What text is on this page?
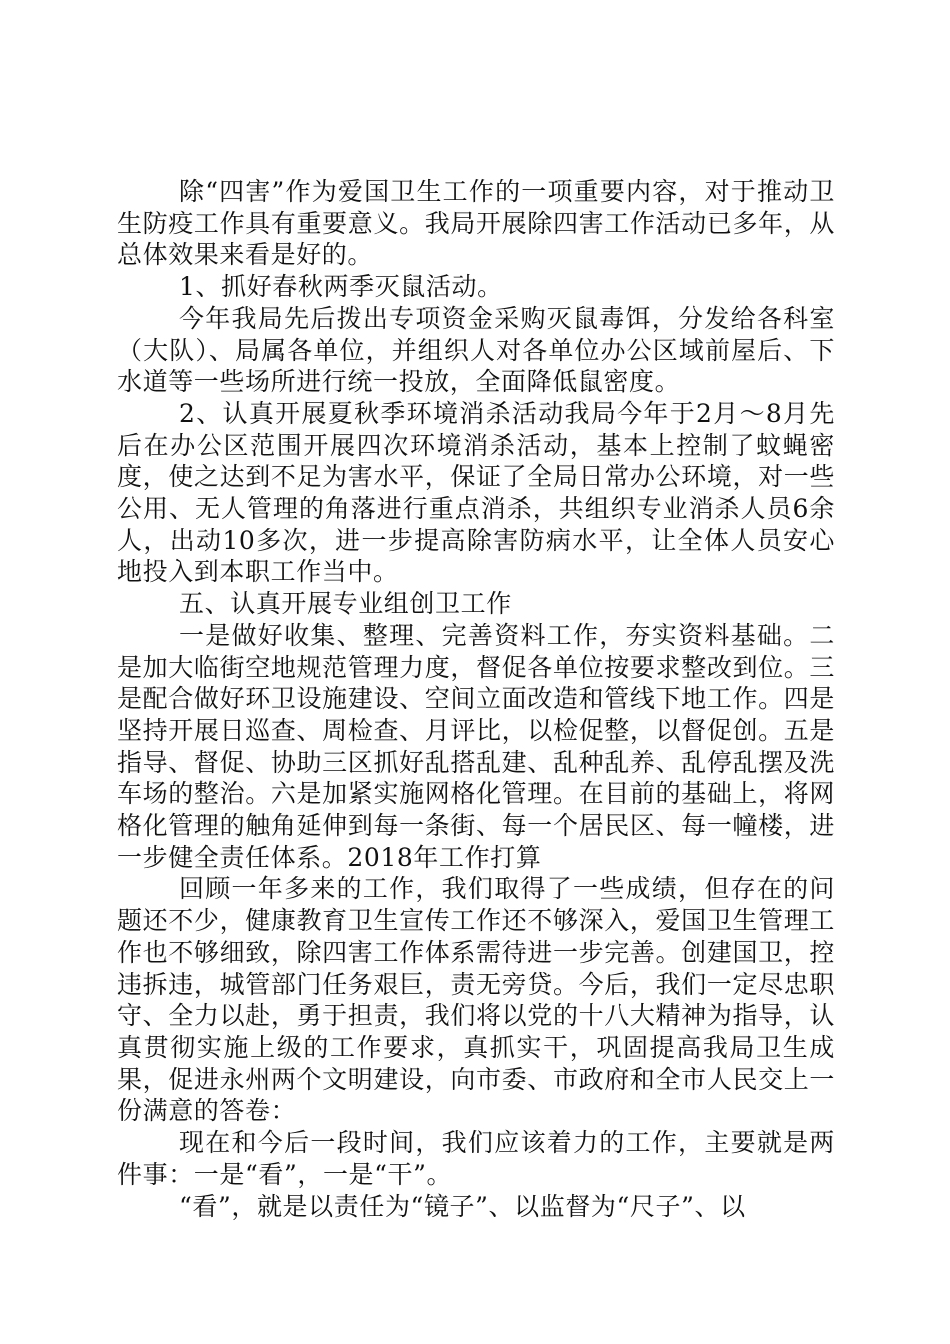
除“四害”作为爱国卫生工作的一项重要内容，对于推动卫生防疫工作具有重要意义。我局开展除四害工作活动已多年，从总体效果来看是好的。

1、抓好春秋两季灭鼠活动。

今年我局先后拨出专项资金采购灭鼠毒饵，分发给各科室（大队）、局属各单位，并组织人对各单位办公区域前屋后、下水道等一些场所进行统一投放，全面降低鼠密度。

2、认真开展夏秋季环境消杀活动我局今年于2月～8月先后在办公区范围开展四次环境消杀活动，基本上控制了蚊蝇密度，使之达到不足为害水平，保证了全局日常办公环境，对一些公用、无人管理的角落进行重点消杀，共组织专业消杀人员6余人，出动10多次，进一步提高除害防病水平，让全体人员安心地投入到本职工作当中。

五、认真开展专业组创卫工作

一是做好收集、整理、完善资料工作，夯实资料基础。二是加大临街空地规范管理力度，督促各单位按要求整改到位。三是配合做好环卫设施建设、空间立面改造和管线下地工作。四是坚持开展日巡查、周检查、月评比，以检促整，以督促创。五是指导、督促、协助三区抓好乱搭乱建、乱种乱养、乱停乱摆及洗车场的整治。六是加紧实施网格化管理。在目前的基础上，将网格化管理的触角延伸到每一条街、每一个居民区、每一幢楼，进一步健全责任体系。2018年工作打算

回顾一年多来的工作，我们取得了一些成绩，但存在的问题还不少，健康教育卫生宣传工作还不够深入，爱国卫生管理工作也不够细致，除四害工作体系需待进一步完善。创建国卫，控违拆违，城管部门任务艰巨，责无旁贷。今后，我们一定尽忠职守、全力以赴，勇于担责，我们将以党的十八大精神为指导，认真贯彻实施上级的工作要求，真抓实干，巩固提高我局卫生成果，促进永州两个文明建设，向市委、市政府和全市人民交上一份满意的答卷：

现在和今后一段时间，我们应该着力的工作，主要就是两件事：一是“看”，一是“干”。

“看”，就是以责任为“镜子”、以监督为“尺子”、以
